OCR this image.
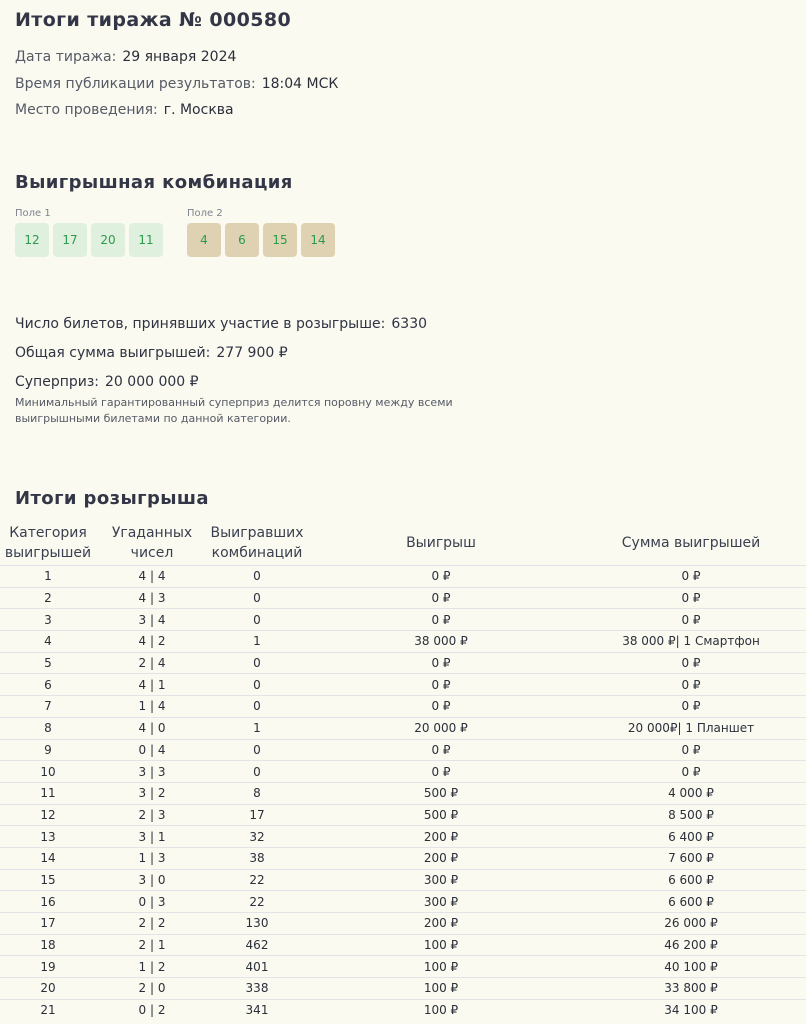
Итоги тиража № 000580

Дата тиража: 29 января 2024

Время публикации результатов: 18:04 МСК

Место проведения: г. Москва

Выигрышная комбинация
Поле 1
12	17	20	11
Поле 2
4	6	15	14

Число билетов, принявших участие в розыгрыше: 6330

Общая сумма выигрышей: 277 900 ₽

Суперприз: 20 000 000 ₽

Минимальный гарантированный суперприз делится поровну между всеми выигрышными билетами по данной категории.

Итоги розыгрыша
Категория выигрышей	Угаданных чисел	Выигравших комбинаций	Выигрыш	Сумма выигрышей
1	4 | 4	0	0 ₽	0 ₽
2	4 | 3	0	0 ₽	0 ₽
3	3 | 4	0	0 ₽	0 ₽
4	4 | 2	1	38 000 ₽	38 000 ₽| 1 Смартфон
5	2 | 4	0	0 ₽	0 ₽
6	4 | 1	0	0 ₽	0 ₽
7	1 | 4	0	0 ₽	0 ₽
8	4 | 0	1	20 000 ₽	20 000₽| 1 Планшет
9	0 | 4	0	0 ₽	0 ₽
10	3 | 3	0	0 ₽	0 ₽
11	3 | 2	8	500 ₽	4 000 ₽
12	2 | 3	17	500 ₽	8 500 ₽
13	3 | 1	32	200 ₽	6 400 ₽
14	1 | 3	38	200 ₽	7 600 ₽
15	3 | 0	22	300 ₽	6 600 ₽
16	0 | 3	22	300 ₽	6 600 ₽
17	2 | 2	130	200 ₽	26 000 ₽
18	2 | 1	462	100 ₽	46 200 ₽
19	1 | 2	401	100 ₽	40 100 ₽
20	2 | 0	338	100 ₽	33 800 ₽
21	0 | 2	341	100 ₽	34 100 ₽
